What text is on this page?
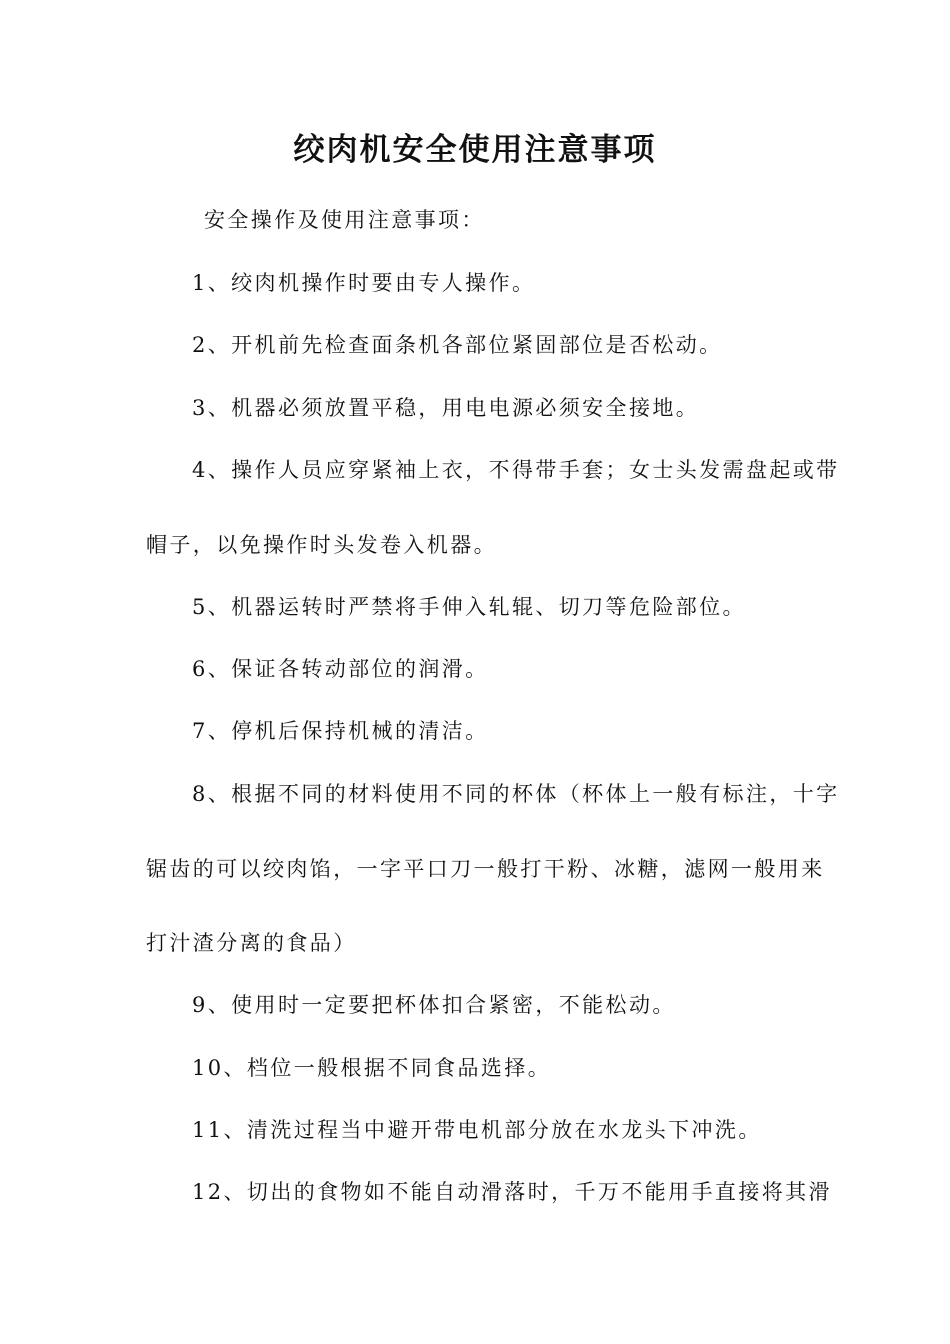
绞肉机安全使用注意事项
安全操作及使用注意事项：
1、绞肉机操作时要由专人操作。
2、开机前先检查面条机各部位紧固部位是否松动。
3、机器必须放置平稳，用电电源必须安全接地。
4、操作人员应穿紧袖上衣，不得带手套；女士头发需盘起或带
帽子，以免操作时头发卷入机器。
5、机器运转时严禁将手伸入轧辊、切刀等危险部位。
6、保证各转动部位的润滑。
7、停机后保持机械的清洁。
8、根据不同的材料使用不同的杯体（杯体上一般有标注，十字
锯齿的可以绞肉馅，一字平口刀一般打干粉、冰糖，滤网一般用来
打汁渣分离的食品）
9、使用时一定要把杯体扣合紧密，不能松动。
10、档位一般根据不同食品选择。
11、清洗过程当中避开带电机部分放在水龙头下冲洗。
12、切出的食物如不能自动滑落时，千万不能用手直接将其滑
